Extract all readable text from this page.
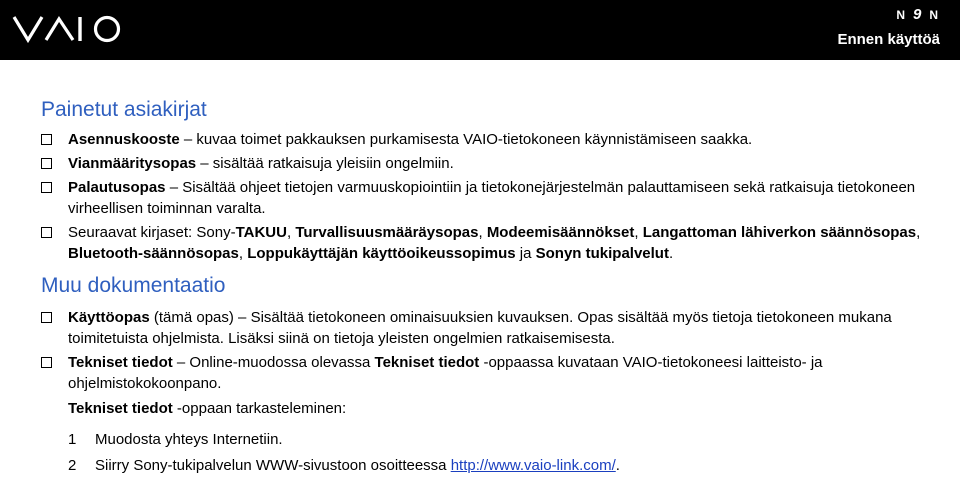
N 9 N
Ennen käyttöä
Painetut asiakirjat
Asennuskooste – kuvaa toimet pakkauksen purkamisesta VAIO-tietokoneen käynnistämiseen saakka.
Vianmääritysopas – sisältää ratkaisuja yleisiin ongelmiin.
Palautusopas – Sisältää ohjeet tietojen varmuuskopiointiin ja tietokonejärjestelmän palauttamiseen sekä ratkaisuja tietokoneen virheellisen toiminnan varalta.
Seuraavat kirjaset: Sony-TAKUU, Turvallisuusmääräysopas, Modeemisäännökset, Langattoman lähiverkon säännösopas, Bluetooth-säännösopas, Loppukäyttäjän käyttöoikeussopimus ja Sonyn tukipalvelut.
Muu dokumentaatio
Käyttöopas (tämä opas) – Sisältää tietokoneen ominaisuuksien kuvauksen. Opas sisältää myös tietoja tietokoneen mukana toimitetuista ohjelmista. Lisäksi siinä on tietoja yleisten ongelmien ratkaisemisesta.
Tekniset tiedot – Online-muodossa olevassa Tekniset tiedot -oppaassa kuvataan VAIO-tietokoneesi laitteisto- ja ohjelmistokokoonpano.
Tekniset tiedot -oppaan tarkasteleminen:
1 Muodosta yhteys Internetiin.
2 Siirry Sony-tukipalvelun WWW-sivustoon osoitteessa http://www.vaio-link.com/.
